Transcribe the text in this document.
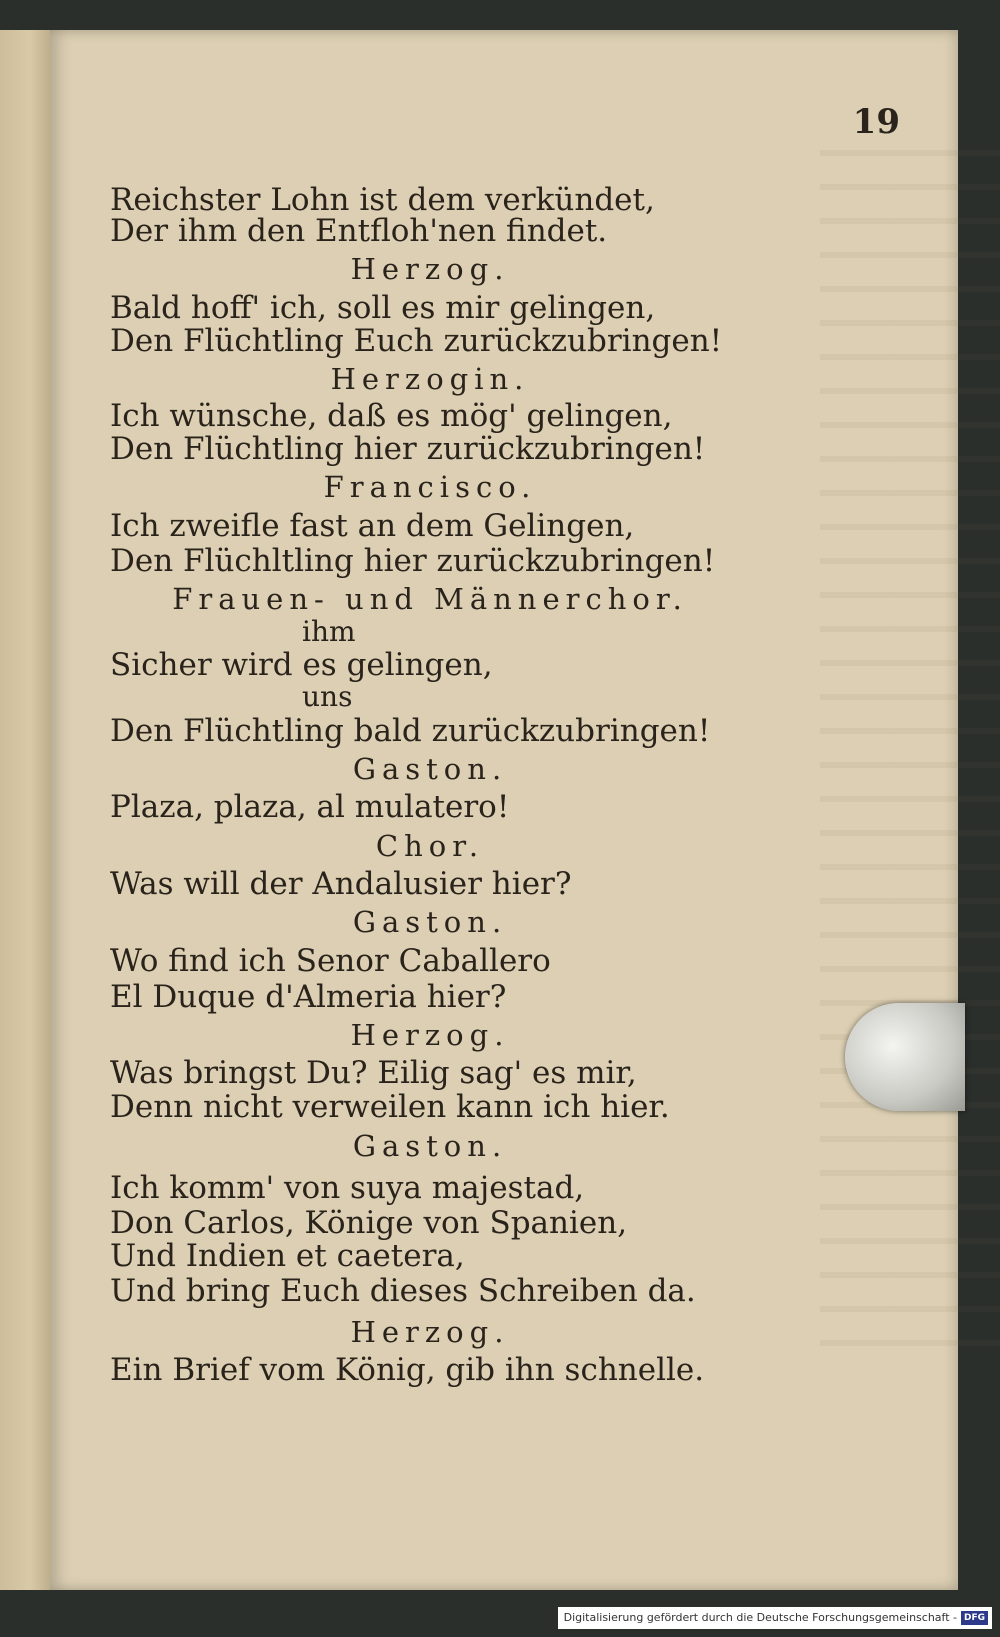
19
Reichster Lohn ist dem verkündet,
Der ihm den Entfloh'nen findet.
Herzog.
Bald hoff' ich, soll es mir gelingen,
Den Flüchtling Euch zurückzubringen!
Herzogin.
Ich wünsche, daß es mög' gelingen,
Den Flüchtling hier zurückzubringen!
Francisco.
Ich zweifle fast an dem Gelingen,
Den Flüchltling hier zurückzubringen!
Frauen- und Männerchor.
ihm
Sicher wird es gelingen,
uns
Den Flüchtling bald zurückzubringen!
Gaston.
Plaza, plaza, al mulatero!
Chor.
Was will der Andalusier hier?
Gaston.
Wo find ich Senor Caballero
El Duque d'Almeria hier?
Herzog.
Was bringst Du? Eilig sag' es mir,
Denn nicht verweilen kann ich hier.
Gaston.
Ich komm' von suya majestad,
Don Carlos, Könige von Spanien,
Und Indien et caetera,
Und bring Euch dieses Schreiben da.
Herzog.
Ein Brief vom König, gib ihn schnelle.
Digitalisierung gefördert durch die Deutsche Forschungsgemeinschaft - DFG
